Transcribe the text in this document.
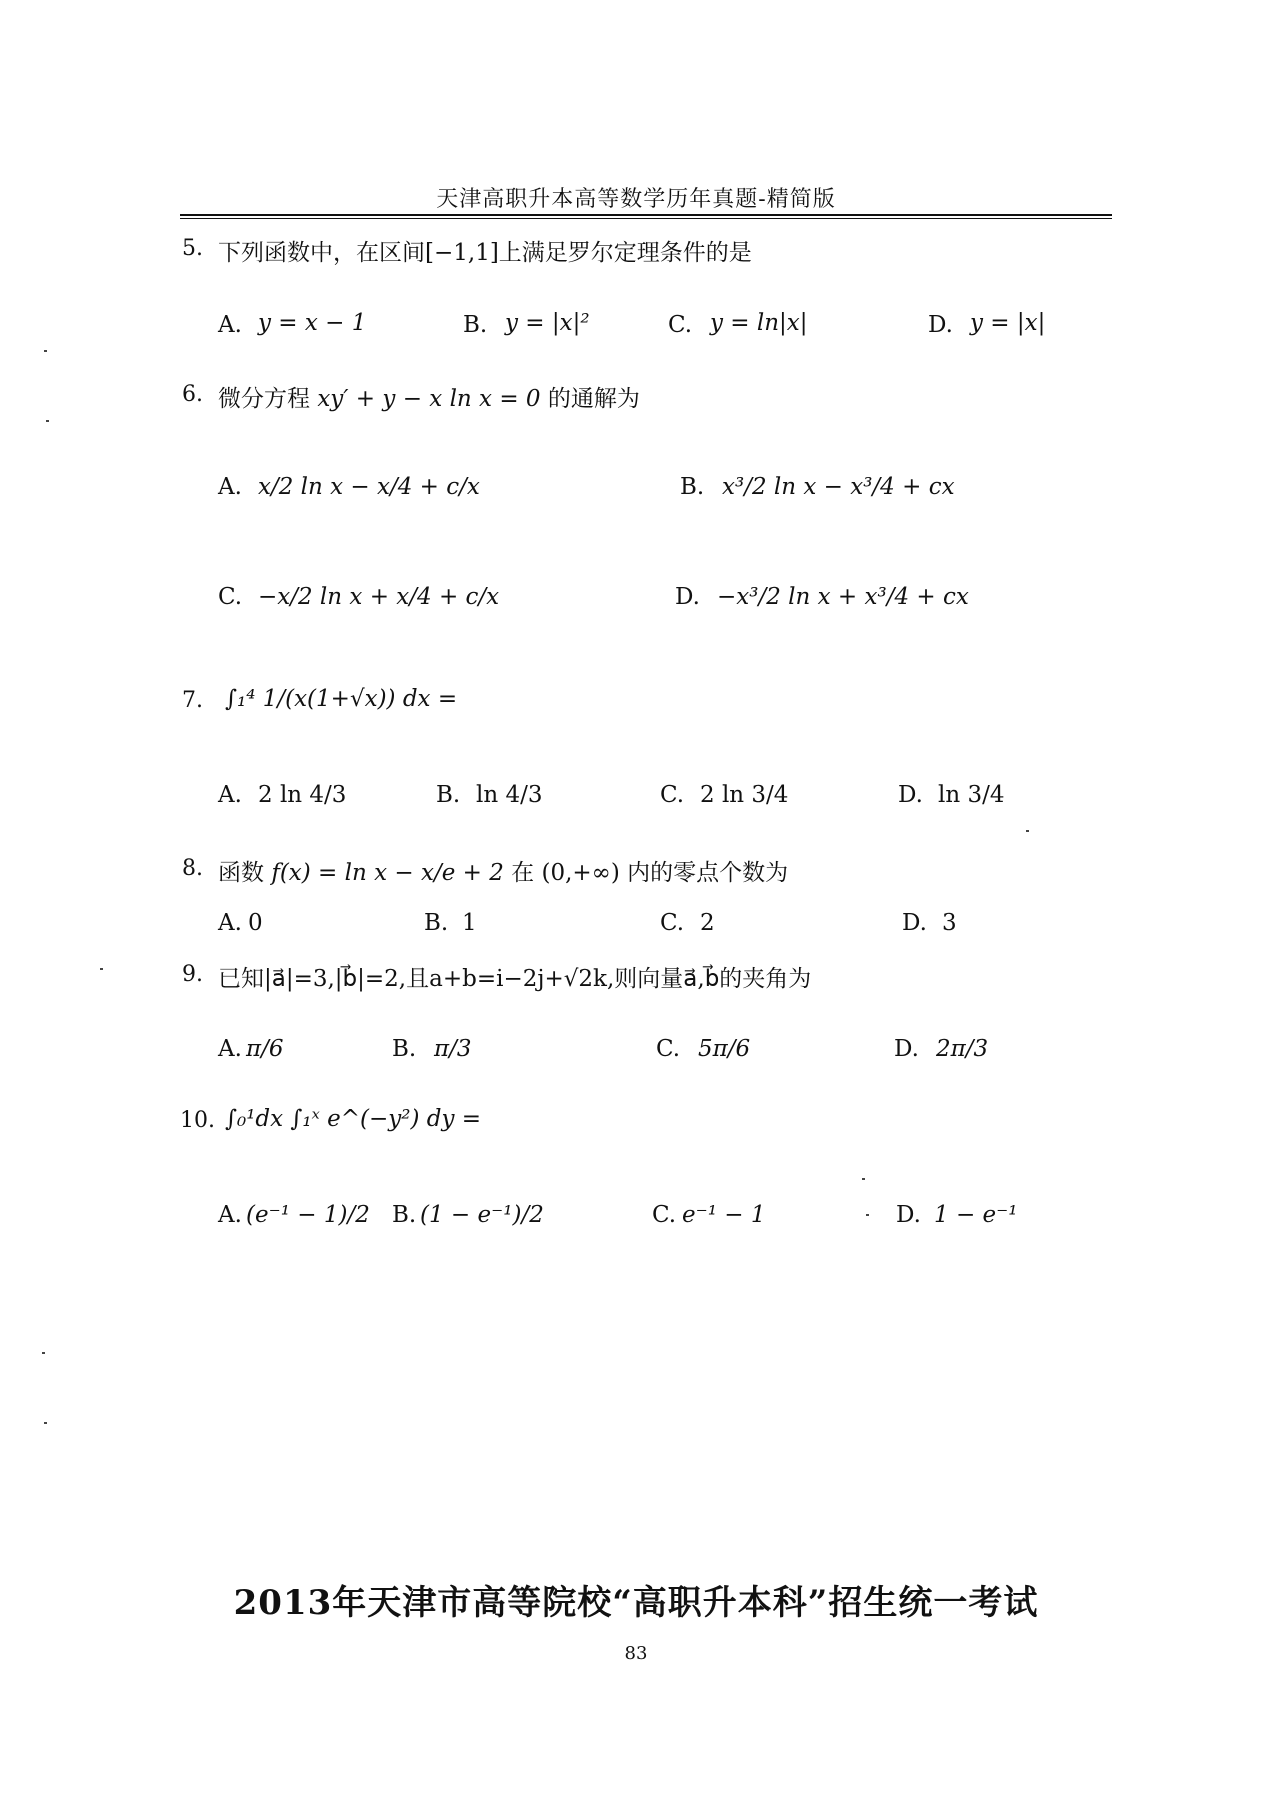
天津高职升本高等数学历年真题-精简版
5. 下列函数中，在区间[−1,1]上满足罗尔定理条件的是
A. y = x − 1	B. y = |x|²	C. y = ln|x|	D. y = |x|
6. 微分方程 xy′ + y − x ln x = 0 的通解为
A. x/2 ln x − x/4 + c/x	B. x³/2 ln x − x³/4 + cx
C. −x/2 ln x + x/4 + c/x	D. −x³/2 ln x + x³/4 + cx
7. ∫₁⁴ 1/(x(1+√x)) dx =
A. 2 ln 4/3	B. ln 4/3	C. 2 ln 3/4	D. ln 3/4
8. 函数 f(x) = ln x − x/e + 2 在 (0,+∞) 内的零点个数为
A. 0	B. 1	C. 2	D. 3
9. 已知|a⃗|=3,|b⃗|=2,且a+b=i−2j+√2k,则向量a⃗,b⃗的夹角为
A. π/6	B. π/3	C. 5π/6	D. 2π/3
10. ∫₀¹dx ∫₁ˣ e^(−y²) dy =
A. (e⁻¹ − 1)/2 B. (1 − e⁻¹)/2	C. e⁻¹ − 1	D. 1 − e⁻¹
2013年天津市高等院校“高职升本科”招生统一考试
83
